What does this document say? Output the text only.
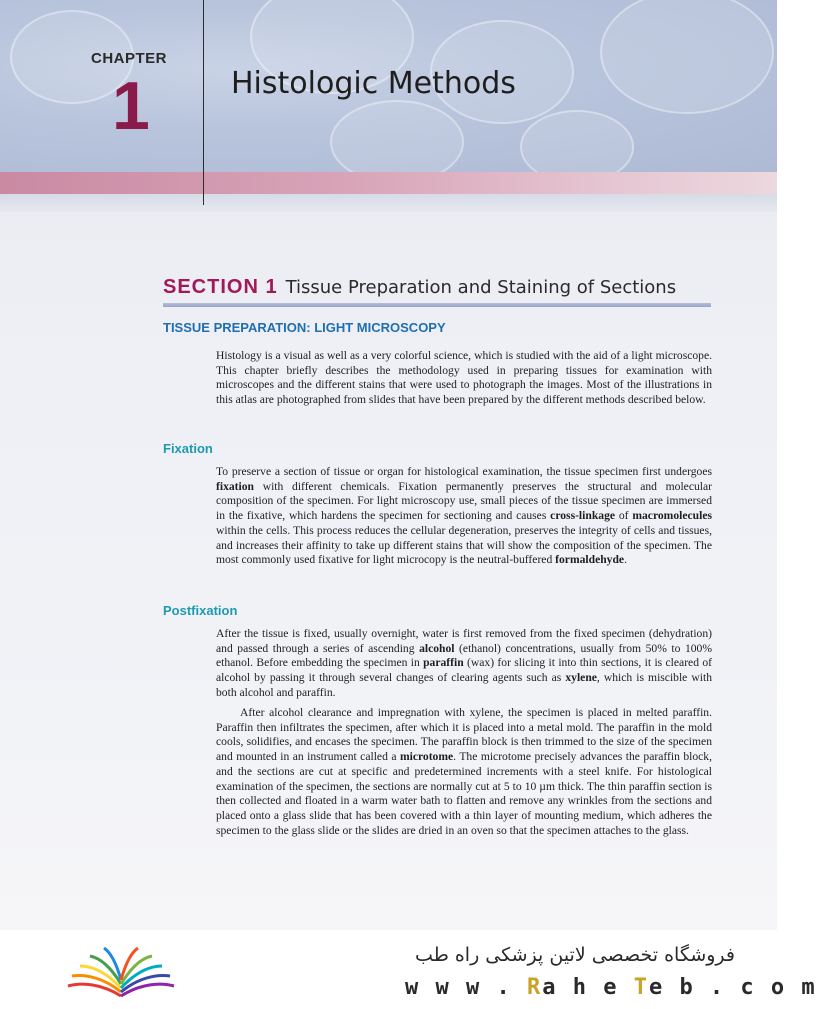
CHAPTER
1	Histologic Methods
SECTION 1 Tissue Preparation and Staining of Sections
TISSUE PREPARATION: LIGHT MICROSCOPY

Histology is a visual as well as a very colorful science, which is studied with the aid of a light microscope. This chapter briefly describes the methodology used in preparing tissues for examination with microscopes and the different stains that were used to photograph the images. Most of the illustrations in this atlas are photographed from slides that have been prepared by the different methods described below.

Fixation

To preserve a section of tissue or organ for histological examination, the tissue specimen first undergoes fixation with different chemicals. Fixation permanently preserves the structural and molecular composition of the specimen. For light microscopy use, small pieces of the tissue specimen are immersed in the fixative, which hardens the specimen for sectioning and causes cross-linkage of macromolecules within the cells. This process reduces the cellular degeneration, preserves the integrity of cells and tissues, and increases their affinity to take up different stains that will show the composition of the specimen. The most commonly used fixative for light microcopy is the neutral-buffered formaldehyde.

Postfixation

After the tissue is fixed, usually overnight, water is first removed from the fixed specimen (dehydration) and passed through a series of ascending alcohol (ethanol) concentrations, usually from 50% to 100% ethanol. Before embedding the specimen in paraffin (wax) for slicing it into thin sections, it is cleared of alcohol by passing it through several changes of clearing agents such as xylene, which is miscible with both alcohol and paraffin.

After alcohol clearance and impregnation with xylene, the specimen is placed in melted paraffin. Paraffin then infiltrates the specimen, after which it is placed into a metal mold. The paraffin in the mold cools, solidifies, and encases the specimen. The paraffin block is then trimmed to the size of the specimen and mounted in an instrument called a microtome. The microtome precisely advances the paraffin block, and the sections are cut at specific and predetermined increments with a steel knife. For histological examination of the specimen, the sections are normally cut at 5 to 10 µm thick. The thin paraffin section is then collected and floated in a warm water bath to flatten and remove any wrinkles from the sections and placed onto a glass slide that has been covered with a thin layer of mounting medium, which adheres the specimen to the glass slide or the slides are dried in an oven so that the specimen attaches to the glass.

فروشگاه تخصصی لاتین پزشکی راه طب
w w w . Ra h e Te b . c o m
